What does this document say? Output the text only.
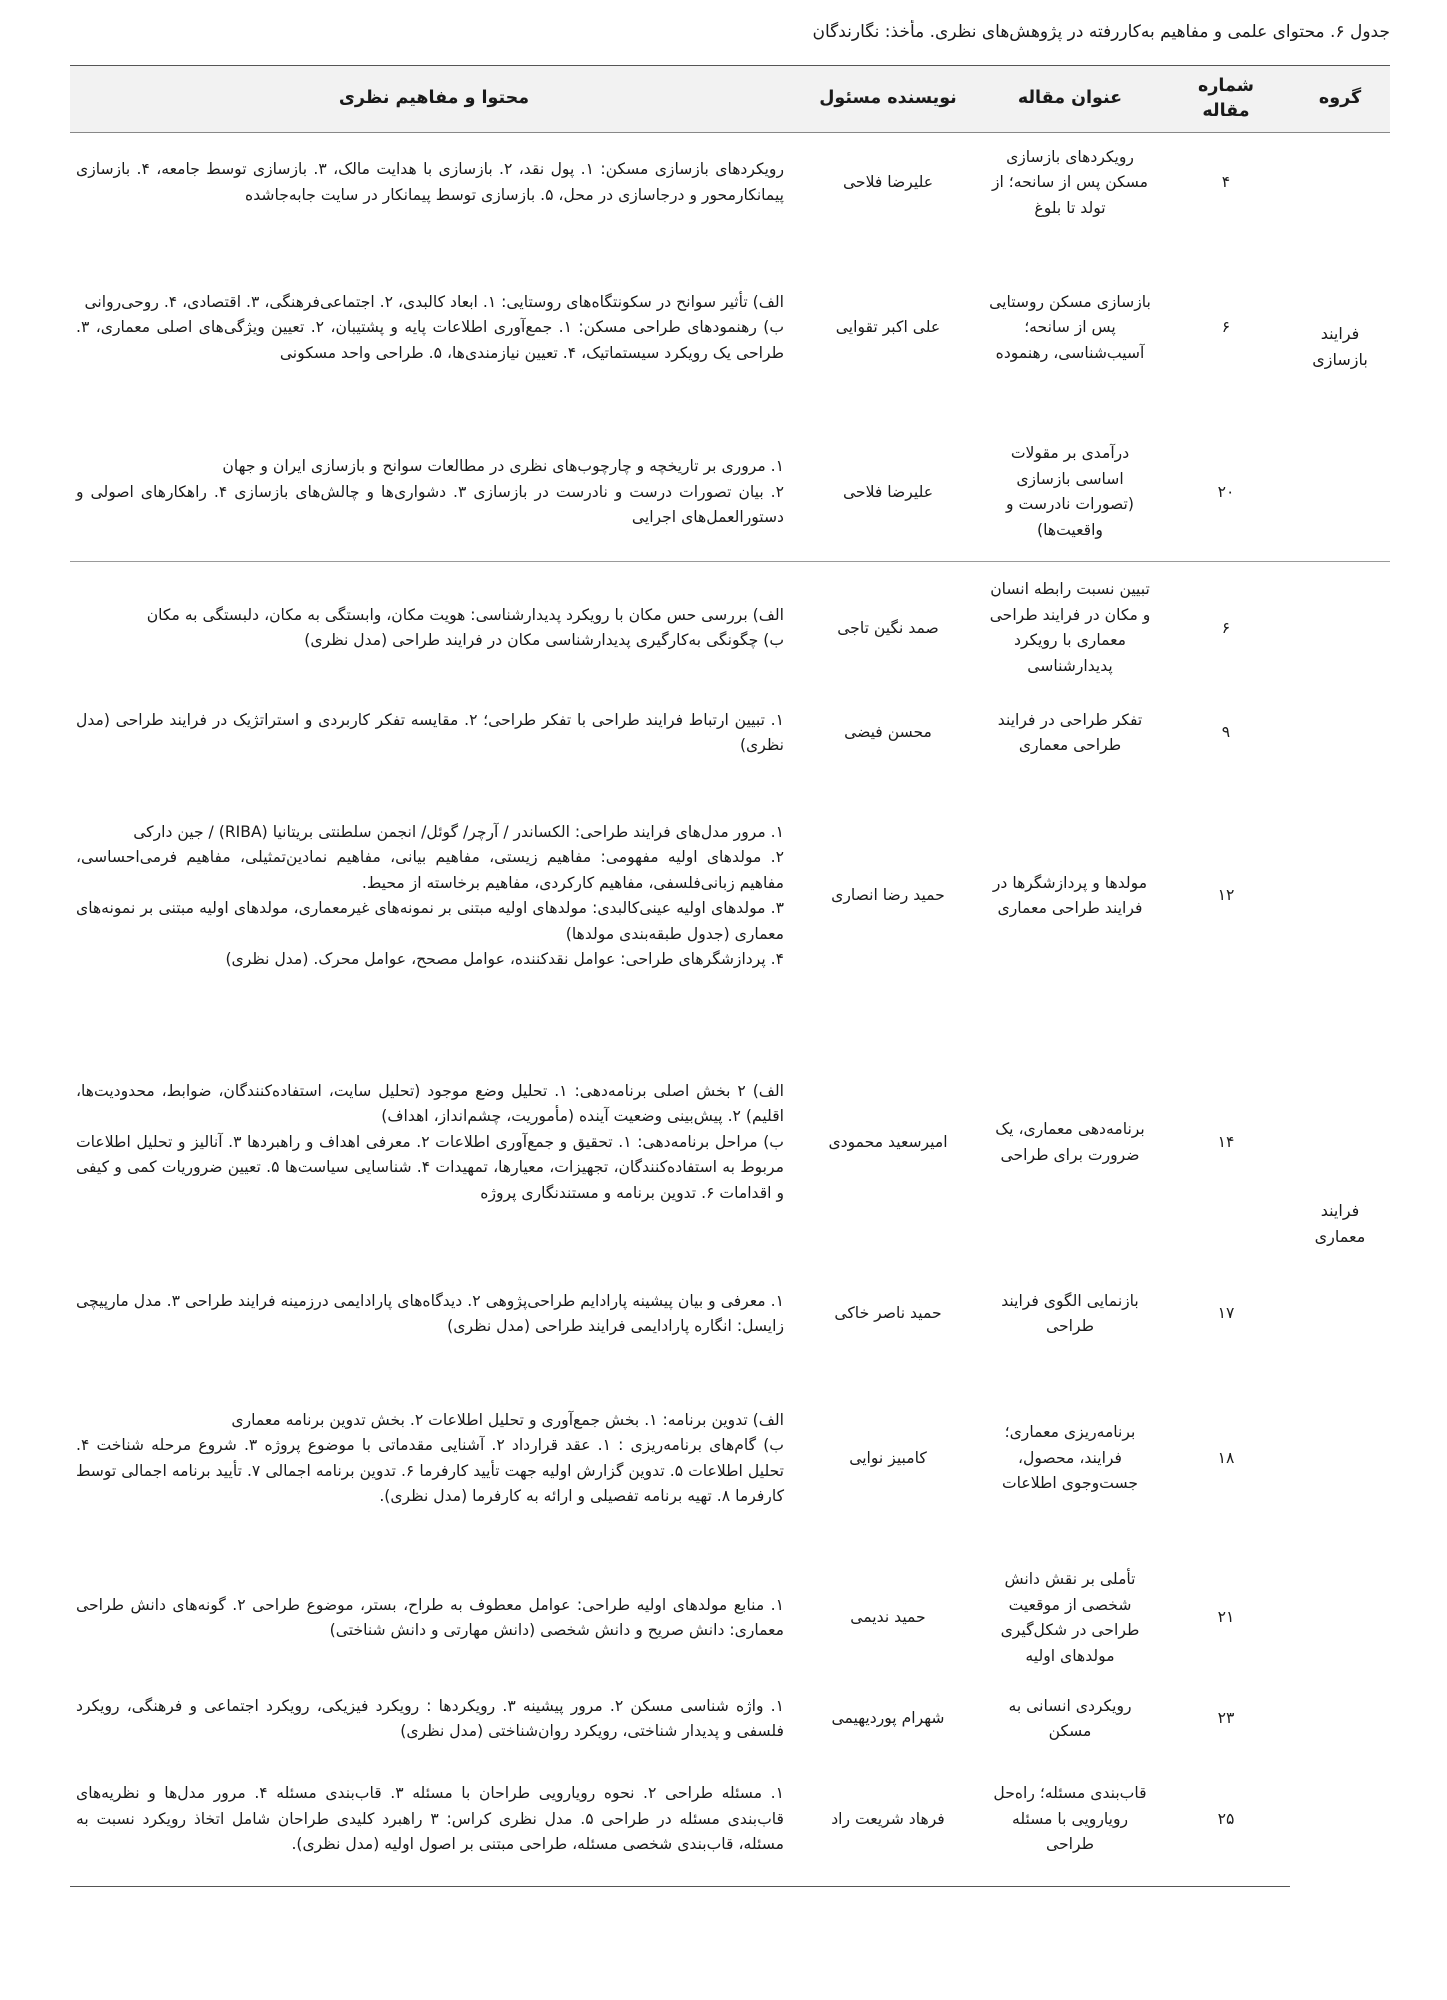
جدول ۶. محتوای علمی و مفاهیم به‌کاررفته در پژوهش‌های نظری. مأخذ: نگارندگان
گروه	شماره مقاله	عنوان مقاله	نویسنده مسئول	محتوا و مفاهیم نظری
فرایند بازسازی	۴	رویکردهای بازسازی مسکن پس از سانحه؛ از تولد تا بلوغ	علیرضا فلاحی	رویکردهای بازسازی مسکن: ۱. پول نقد، ۲. بازسازی با هدایت مالک، ۳. بازسازی توسط جامعه، ۴. بازسازی پیمانکارمحور و درجاسازی در محل، ۵. بازسازی توسط پیمانکار در سایت جابه‌جاشده

	۶	بازسازی مسکن روستایی پس از سانحه؛ آسیب‌شناسی، رهنموده	علی اکبر تقوایی	الف) تأثیر سوانح در سکونتگاه‌های روستایی: ۱. ابعاد کالبدی، ۲. اجتماعی‌فرهنگی، ۳. اقتصادی، ۴. روحی‌روانی
ب) رهنمودهای طراحی مسکن: ۱. جمع‌آوری اطلاعات پایه و پشتیبان، ۲. تعیین ویژگی‌های اصلی معماری، ۳. طراحی یک رویکرد سیستماتیک، ۴. تعیین نیازمندی‌ها، ۵. طراحی واحد مسکونی

	۲۰	درآمدی بر مقولات اساسی بازسازی (تصورات نادرست و واقعیت‌ها)	علیرضا فلاحی	۱. مروری بر تاریخچه و چارچوب‌های نظری در مطالعات سوانح و بازسازی ایران و جهان
۲. بیان تصورات درست و نادرست در بازسازی ۳. دشواری‌ها و چالش‌های بازسازی ۴. راهکارهای اصولی و دستورالعمل‌های اجرایی

فرایند معماری	۶	تبیین نسبت رابطه انسان و مکان در فرایند طراحی معماری با رویکرد پدیدارشناسی	صمد نگین تاجی	الف) بررسی حس مکان با رویکرد پدیدارشناسی: هویت مکان، وابستگی به مکان، دلبستگی به مکان
ب) چگونگی به‌کارگیری پدیدارشناسی مکان در فرایند طراحی (مدل نظری)

	۹	تفکر طراحی در فرایند طراحی معماری	محسن فیضی	۱. تبیین ارتباط فرایند طراحی با تفکر طراحی؛ ۲. مقایسه تفکر کاربردی و استراتژیک در فرایند طراحی (مدل نظری)

	۱۲	مولدها و پردازشگرها در فرایند طراحی معماری	حمید رضا انصاری	۱. مرور مدل‌های فرایند طراحی: الکساندر / آرچر/ گوئل/ انجمن سلطنتی بریتانیا (RIBA) / جین دارکی
۲. مولدهای اولیه مفهومی: مفاهیم زیستی، مفاهیم بیانی، مفاهیم نمادین‌تمثیلی، مفاهیم فرمی‌احساسی، مفاهیم زبانی‌فلسفی، مفاهیم کارکردی، مفاهیم برخاسته از محیط.
۳. مولدهای اولیه عینی‌کالبدی: مولدهای اولیه مبتنی بر نمونه‌های غیرمعماری، مولدهای اولیه مبتنی بر نمونه‌های معماری (جدول طبقه‌بندی مولدها)
۴. پردازشگرهای طراحی: عوامل نقدکننده، عوامل مصحح، عوامل محرک. (مدل نظری)

	۱۴	برنامه‌دهی معماری، یک ضرورت برای طراحی	امیرسعید محمودی	الف) ۲ بخش اصلی برنامه‌دهی: ۱. تحلیل وضع موجود (تحلیل سایت، استفاده‌کنندگان، ضوابط، محدودیت‌ها، اقلیم) ۲. پیش‌بینی وضعیت آینده (مأموریت، چشم‌انداز، اهداف)
ب) مراحل برنامه‌دهی: ۱. تحقیق و جمع‌آوری اطلاعات ۲. معرفی اهداف و راهبردها ۳. آنالیز و تحلیل اطلاعات مربوط به استفاده‌کنندگان، تجهیزات، معیارها، تمهیدات ۴. شناسایی سیاست‌ها ۵. تعیین ضروریات کمی و کیفی و اقدامات ۶. تدوین برنامه و مستندنگاری پروژه

	۱۷	بازنمایی الگوی فرایند طراحی	حمید ناصر خاکی	۱. معرفی و بیان پیشینه پارادایم طراحی‌پژوهی ۲. دیدگاه‌های پارادایمی درزمینه فرایند طراحی ۳. مدل مارپیچی زایسل: انگاره پارادایمی فرایند طراحی (مدل نظری)

	۱۸	برنامه‌ریزی معماری؛ فرایند، محصول، جست‌وجوی اطلاعات	کامبیز نوایی	الف) تدوین برنامه: ۱. بخش جمع‌آوری و تحلیل اطلاعات ۲. بخش تدوین برنامه معماری
ب) گام‌های برنامه‌ریزی : ۱. عقد قرارداد ۲. آشنایی مقدماتی با موضوع پروژه ۳. شروع مرحله شناخت ۴. تحلیل اطلاعات ۵. تدوین گزارش اولیه جهت تأیید کارفرما ۶. تدوین برنامه اجمالی ۷. تأیید برنامه اجمالی توسط کارفرما ۸. تهیه برنامه تفصیلی و ارائه به کارفرما (مدل نظری).

	۲۱	تأملی بر نقش دانش شخصی از موقعیت طراحی در شکل‌گیری مولدهای اولیه	حمید ندیمی	۱. منابع مولدهای اولیه طراحی: عوامل معطوف به طراح، بستر، موضوع طراحی ۲. گونه‌های دانش طراحی معماری: دانش صریح و دانش شخصی (دانش مهارتی و دانش شناختی)

	۲۳	رویکردی انسانی به مسکن	شهرام پوردیهیمی	۱. واژه شناسی مسکن ۲. مرور پیشینه ۳. رویکردها : رویکرد فیزیکی، رویکرد اجتماعی و فرهنگی، رویکرد فلسفی و پدیدار شناختی، رویکرد روان‌شناختی (مدل نظری)

	۲۵	قاب‌بندی مسئله؛ راه‌حل رویارویی با مسئله طراحی	فرهاد شریعت راد	۱. مسئله طراحی ۲. نحوه رویارویی طراحان با مسئله ۳. قاب‌بندی مسئله ۴. مرور مدل‌ها و نظریه‌های قاب‌بندی مسئله در طراحی ۵. مدل نظری کراس: ۳ راهبرد کلیدی طراحان شامل اتخاذ رویکرد نسبت به مسئله، قاب‌بندی شخصی مسئله، طراحی مبتنی بر اصول اولیه (مدل نظری).
